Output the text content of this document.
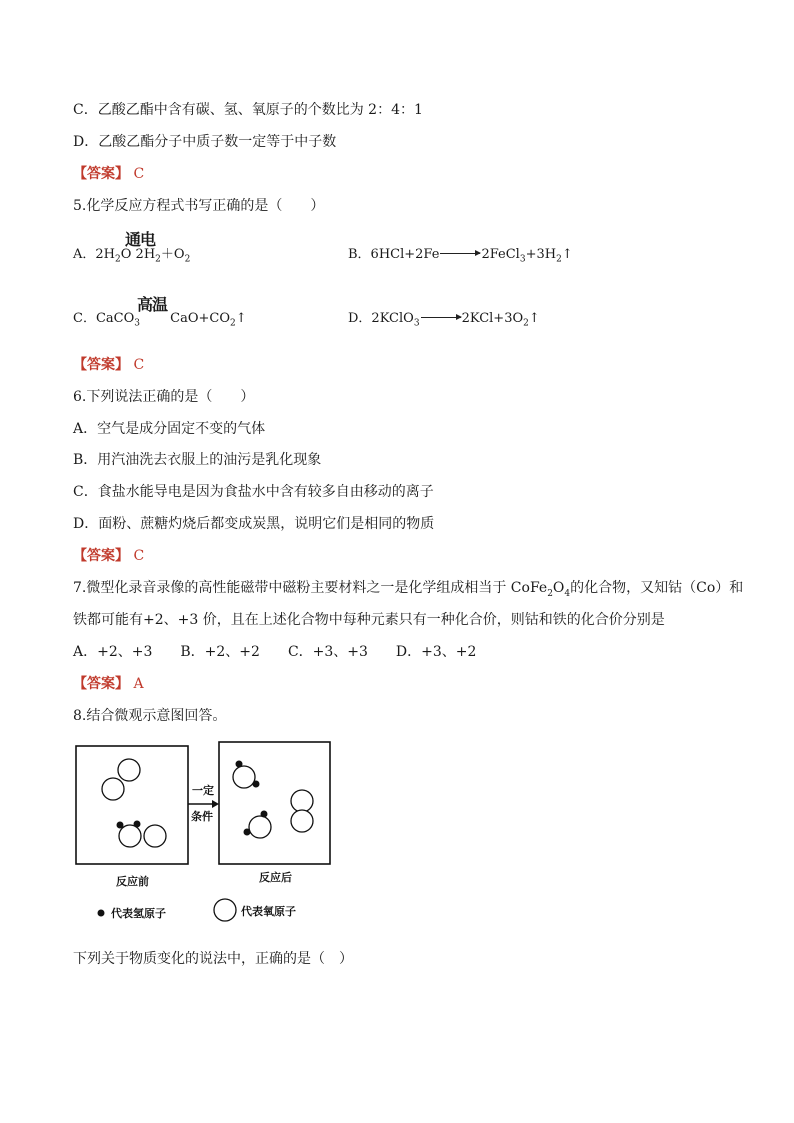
C．乙酸乙酯中含有碳、氢、氧原子的个数比为 2：4：1
D．乙酸乙酯分子中质子数一定等于中子数
【答案】 C
5.化学反应方程式书写正确的是（　　）
通电
A．$2H_2O$ $2H_2+O_2$	B．$6HCl+2Fe\to 2FeCl_3+3H_2↑$
高温
C．CaCO$_3$ $CaO+CO_2↑$	D．2KClO$_3$ $\to 2KCl+3O_2↑$
【答案】 C
6.下列说法正确的是（　　）
A．空气是成分固定不变的气体
B．用汽油洗去衣服上的油污是乳化现象
C．食盐水能导电是因为食盐水中含有较多自由移动的离子
D．面粉、蔗糖灼烧后都变成炭黑，说明它们是相同的物质
【答案】 C
7.微型化录音录像的高性能磁带中磁粉主要材料之一是化学组成相当于 $CoFe_2O_4$的化合物，又知钴（Co）和
铁都可能有+2、+3 价，且在上述化合物中每种元素只有一种化合价，则钴和铁的化合价分别是
A．+2、+3　　B．+2、+2　　C．+3、+3　　D．+3、+2
【答案】 A
8.结合微观示意图回答。
一定
条件
反应前	反应后
代表氢原子	代表氧原子
下列关于物质变化的说法中，正确的是（　）
